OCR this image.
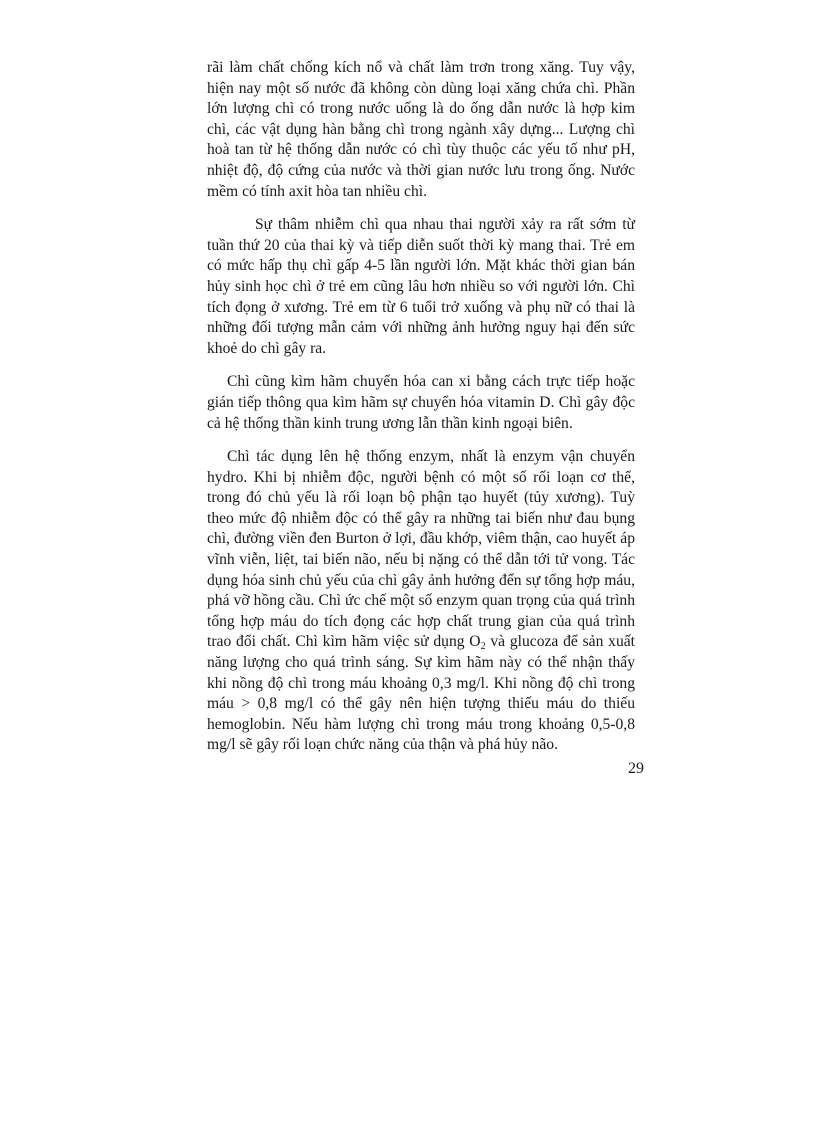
rãi làm chất chống kích nổ và chất làm trơn trong xăng. Tuy vậy, hiện nay một số nước đã không còn dùng loại xăng chứa chì. Phần lớn lượng chì có trong nước uống là do ống dẫn nước là hợp kim chì, các vật dụng hàn bằng chì trong ngành xây dựng... Lượng chì hoà tan từ hệ thống dẫn nước có chì tùy thuộc các yếu tố như pH, nhiệt độ, độ cứng của nước và thời gian nước lưu trong ống. Nước mềm có tính axit hòa tan nhiều chì.

Sự thâm nhiễm chì qua nhau thai người xảy ra rất sớm từ tuần thứ 20 của thai kỳ và tiếp diễn suốt thời kỳ mang thai. Trẻ em có mức hấp thụ chì gấp 4-5 lần người lớn. Mặt khác thời gian bán hủy sinh học chì ở trẻ em cũng lâu hơn nhiều so với người lớn. Chì tích đọng ở xương. Trẻ em từ 6 tuổi trở xuống và phụ nữ có thai là những đối tượng mẫn cảm với những ảnh hưởng nguy hại đến sức khoẻ do chì gây ra.

Chì cũng kìm hãm chuyển hóa can xi bằng cách trực tiếp hoặc gián tiếp thông qua kìm hãm sự chuyển hóa vitamin D. Chì gây độc cả hệ thống thần kinh trung ương lẫn thần kinh ngoại biên.

Chì tác dụng lên hệ thống enzym, nhất là enzym vận chuyển hydro. Khi bị nhiễm độc, người bệnh có một số rối loạn cơ thể, trong đó chủ yếu là rối loạn bộ phận tạo huyết (tủy xương). Tuỳ theo mức độ nhiễm độc có thể gây ra những tai biến như đau bụng chì, đường viền đen Burton ở lợi, đầu khớp, viêm thận, cao huyết áp vĩnh viễn, liệt, tai biến não, nếu bị nặng có thể dẫn tới tử vong. Tác dụng hóa sinh chủ yếu của chì gây ảnh hưởng đến sự tổng hợp máu, phá vỡ hồng cầu. Chì ức chế một số enzym quan trọng của quá trình tổng hợp máu do tích đọng các hợp chất trung gian của quá trình trao đổi chất. Chì kìm hãm việc sử dụng $O_2$ và glucoza để sản xuất năng lượng cho quá trình sáng. Sự kìm hãm này có thể nhận thấy khi nồng độ chì trong máu khoảng 0,3 mg/l. Khi nồng độ chì trong máu > 0,8 mg/l có thể gây nên hiện tượng thiếu máu do thiếu hemoglobin. Nếu hàm lượng chì trong máu trong khoảng 0,5-0,8 mg/l sẽ gây rối loạn chức năng của thận và phá hủy não.

29
